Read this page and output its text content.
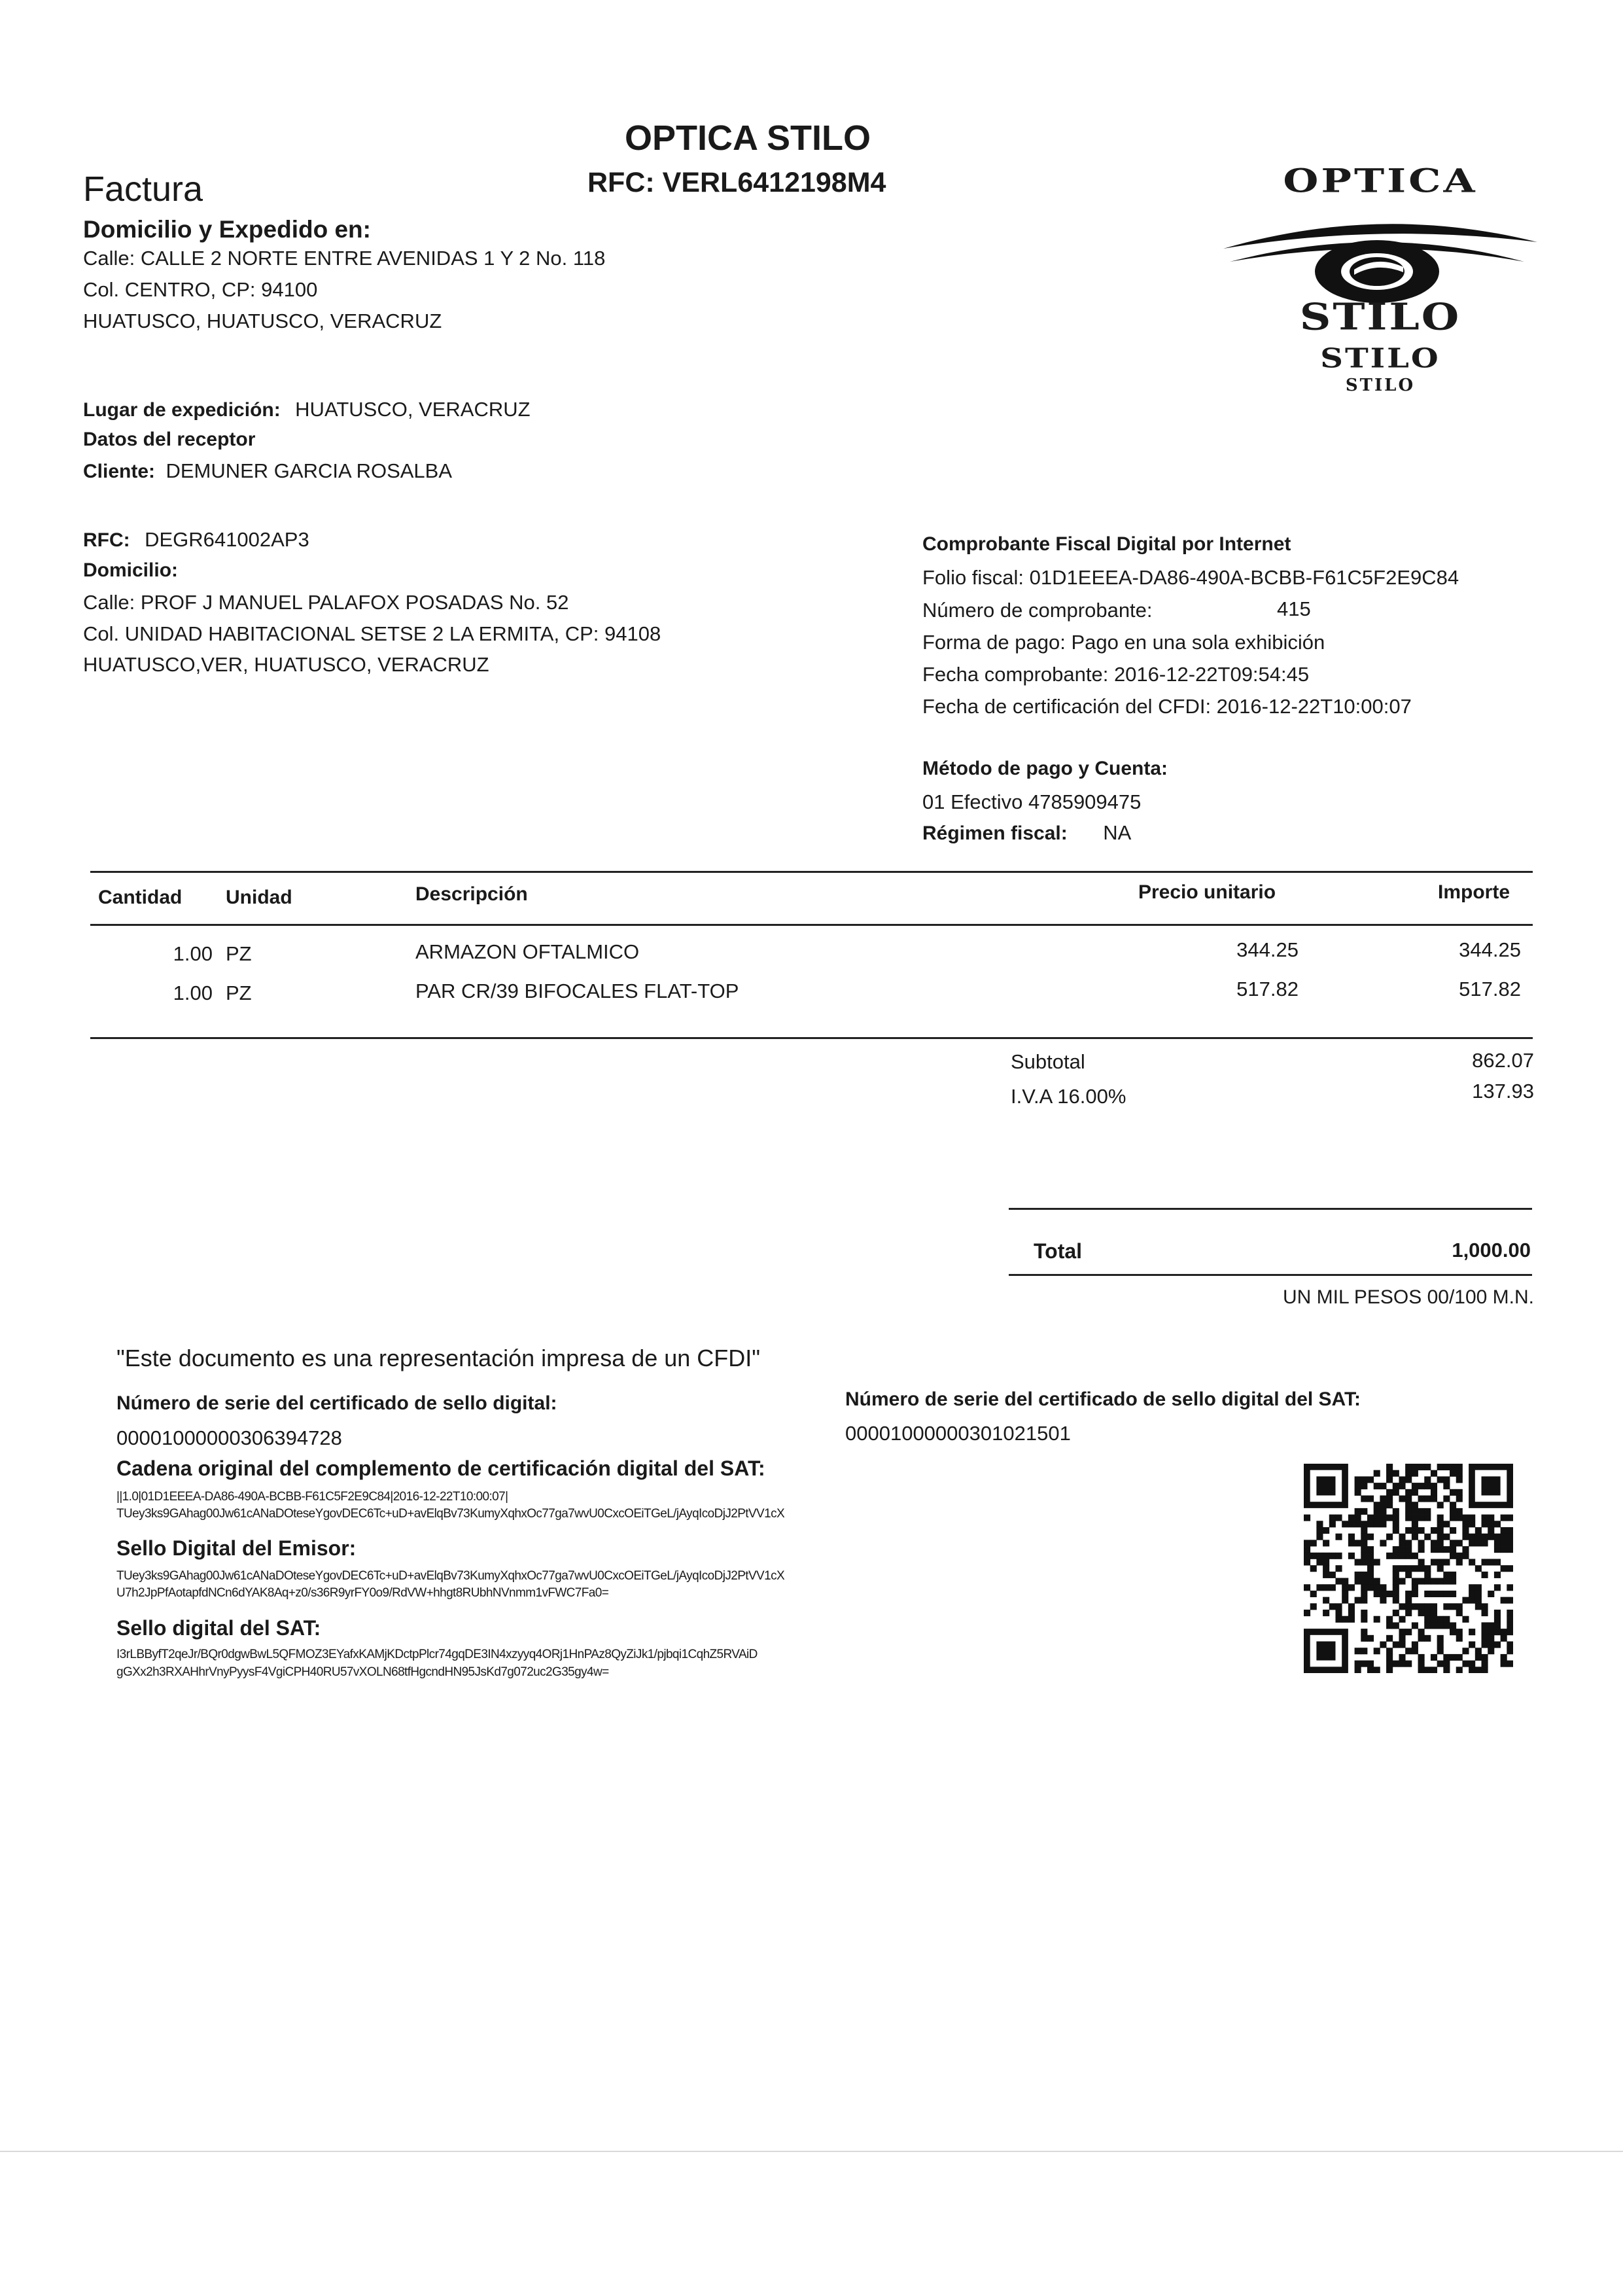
OPTICA STILO
RFC: VERL6412198M4
Factura
Domicilio y Expedido en:
Calle: CALLE 2 NORTE ENTRE AVENIDAS 1 Y 2 No. 118
Col. CENTRO, CP: 94100
HUATUSCO, HUATUSCO, VERACRUZ
OPTICA
STILO
STILO
STILO
Lugar de expedición: HUATUSCO, VERACRUZ
Datos del receptor
Cliente: DEMUNER GARCIA ROSALBA
RFC: DEGR641002AP3
Domicilio:
Calle: PROF J MANUEL PALAFOX POSADAS No. 52
Col. UNIDAD HABITACIONAL SETSE 2 LA ERMITA, CP: 94108
HUATUSCO,VER, HUATUSCO, VERACRUZ
Comprobante Fiscal Digital por Internet
Folio fiscal: 01D1EEEA-DA86-490A-BCBB-F61C5F2E9C84
Número de comprobante:	415
Forma de pago: Pago en una sola exhibición
Fecha comprobante: 2016-12-22T09:54:45
Fecha de certificación del CFDI: 2016-12-22T10:00:07
Método de pago y Cuenta:
01 Efectivo 4785909475
Régimen fiscal: NA
Cantidad Unidad	Descripción	Precio unitario	Importe
1.00 PZ	ARMAZON OFTALMICO	344.25	344.25
1.00 PZ	PAR CR/39 BIFOCALES FLAT-TOP	517.82	517.82
Subtotal	862.07
I.V.A 16.00%	137.93
Total	1,000.00
UN MIL PESOS 00/100 M.N.
"Este documento es una representación impresa de un CFDI"
Número de serie del certificado de sello digital:
00001000000306394728
Número de serie del certificado de sello digital del SAT:
00001000000301021501
Cadena original del complemento de certificación digital del SAT:
||1.0|01D1EEEA-DA86-490A-BCBB-F61C5F2E9C84|2016-12-22T10:00:07|
TUey3ks9GAhag00Jw61cANaDOteseYgovDEC6Tc+uD+avElqBv73KumyXqhxOc77ga7wvU0CxcOEiTGeL/jAyqIcoDjJ2PtVV1cX
Sello Digital del Emisor:
TUey3ks9GAhag00Jw61cANaDOteseYgovDEC6Tc+uD+avElqBv73KumyXqhxOc77ga7wvU0CxcOEiTGeL/jAyqIcoDjJ2PtVV1cX
U7h2JpPfAotapfdNCn6dYAK8Aq+z0/s36R9yrFY0o9/RdVW+hhgt8RUbhNVnmm1vFWC7Fa0=
Sello digital del SAT:
I3rLBByfT2qeJr/BQr0dgwBwL5QFMOZ3EYafxKAMjKDctpPlcr74gqDE3IN4xzyyq4ORj1HnPAz8QyZiJk1/pjbqi1CqhZ5RVAiD
gGXx2h3RXAHhrVnyPyysF4VgiCPH40RU57vXOLN68tfHgcndHN95JsKd7g072uc2G35gy4w=
